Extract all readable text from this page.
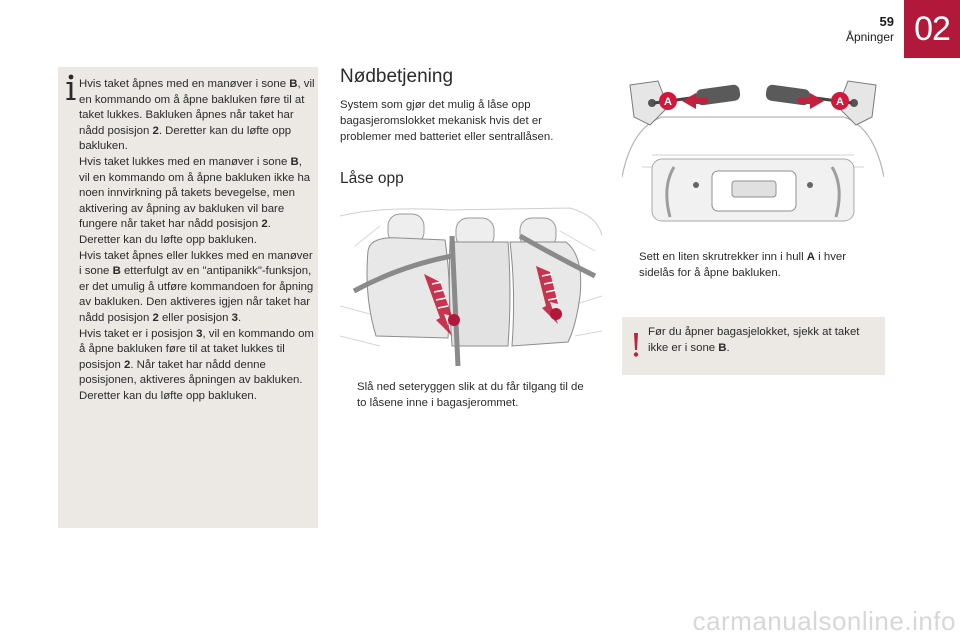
59
Åpninger 02

Hvis taket åpnes med en manøver i sone B, vil en kommando om å åpne bakluken føre til at taket lukkes. Bakluken åpnes når taket har nådd posisjon 2. Deretter kan du løfte opp bakluken.

Hvis taket lukkes med en manøver i sone B, vil en kommando om å åpne bakluken ikke ha noen innvirkning på takets bevegelse, men aktivering av åpning av bakluken vil bare fungere når taket har nådd posisjon 2. Deretter kan du løfte opp bakluken.

Hvis taket åpnes eller lukkes med en manøver i sone B etterfulgt av en "antipanikk"-funksjon, er det umulig å utføre kommandoen for åpning av bakluken. Den aktiveres igjen når taket har nådd posisjon 2 eller posisjon 3.

Hvis taket er i posisjon 3, vil en kommando om å åpne bakluken føre til at taket lukkes til posisjon 2. Når taket har nådd denne posisjonen, aktiveres åpningen av bakluken. Deretter kan du løfte opp bakluken.

Nødbetjening
System som gjør det mulig å låse opp bagasjeromslokket mekanisk hvis det er problemer med batteriet eller sentrallåsen.
Låse opp
Slå ned seteryggen slik at du får tilgang til de to låsene inne i bagasjerommet.
A	A
Sett en liten skrutrekker inn i hull A i hver sidelås for å åpne bakluken.
Før du åpner bagasjelokket, sjekk at taket ikke er i sone B.
carmanualsonline.info
